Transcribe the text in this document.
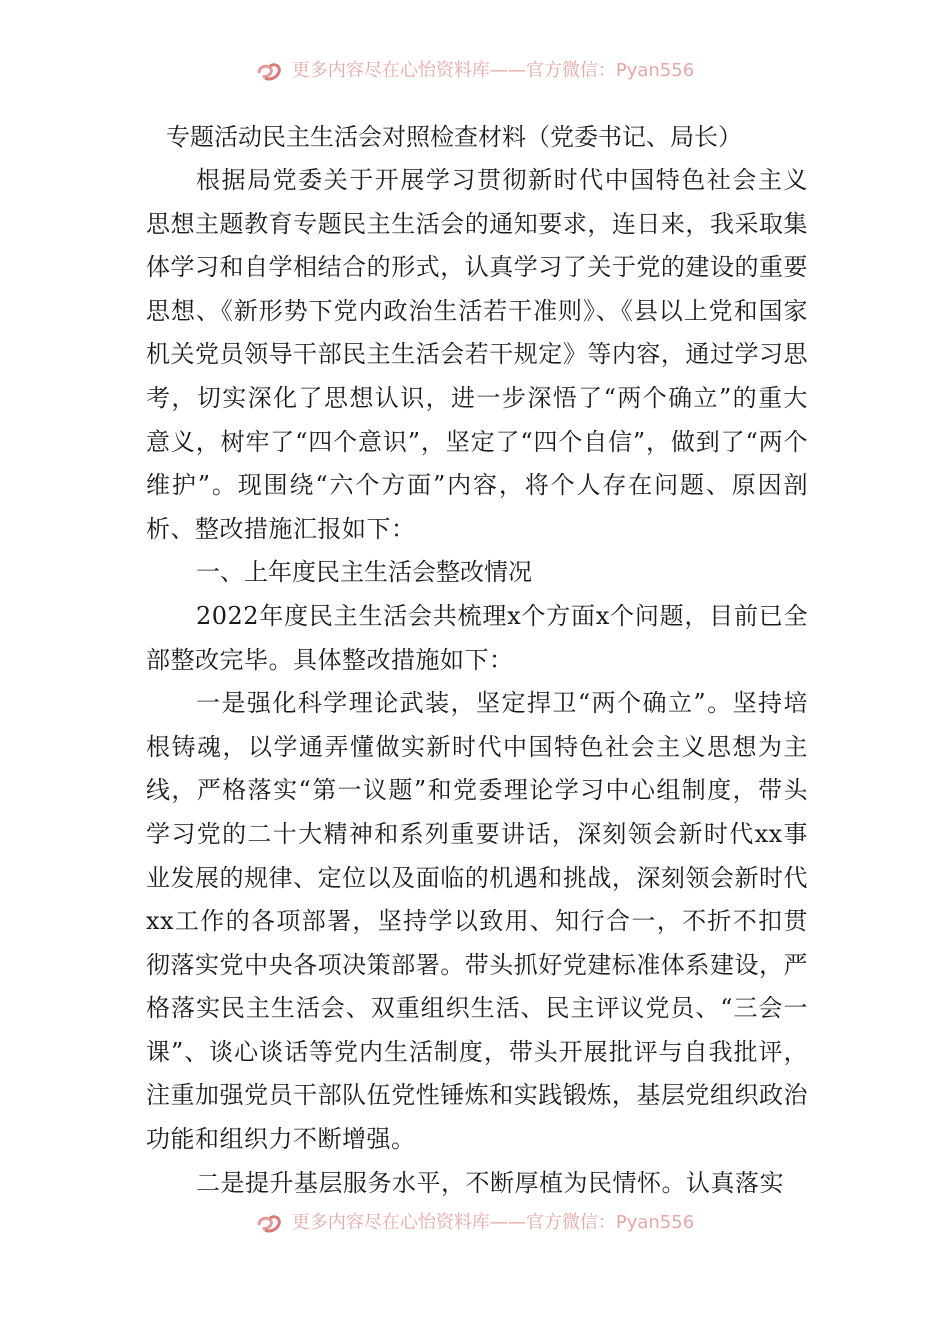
更多内容尽在心怡资料库——官方微信：Pyan556
专题活动民主生活会对照检查材料（党委书记、局长）

根据局党委关于开展学习贯彻新时代中国特色社会主义思想主题教育专题民主生活会的通知要求，连日来，我采取集体学习和自学相结合的形式，认真学习了关于党的建设的重要思想、《新形势下党内政治生活若干准则》、《县以上党和国家机关党员领导干部民主生活会若干规定》等内容，通过学习思考，切实深化了思想认识，进一步深悟了“两个确立”的重大意义，树牢了“四个意识”，坚定了“四个自信”，做到了“两个维护”。现围绕“六个方面”内容，将个人存在问题、原因剖析、整改措施汇报如下：

一、上年度民主生活会整改情况

2022年度民主生活会共梳理x个方面x个问题，目前已全部整改完毕。具体整改措施如下：

一是强化科学理论武装，坚定捍卫“两个确立”。坚持培根铸魂，以学通弄懂做实新时代中国特色社会主义思想为主线，严格落实“第一议题”和党委理论学习中心组制度，带头学习党的二十大精神和系列重要讲话，深刻领会新时代xx事业发展的规律、定位以及面临的机遇和挑战，深刻领会新时代xx工作的各项部署，坚持学以致用、知行合一，不折不扣贯彻落实党中央各项决策部署。带头抓好党建标准体系建设，严格落实民主生活会、双重组织生活、民主评议党员、“三会一课”、谈心谈话等党内生活制度，带头开展批评与自我批评，注重加强党员干部队伍党性锤炼和实践锻炼，基层党组织政治功能和组织力不断增强。

二是提升基层服务水平，不断厚植为民情怀。认真落实

更多内容尽在心怡资料库——官方微信：Pyan556
